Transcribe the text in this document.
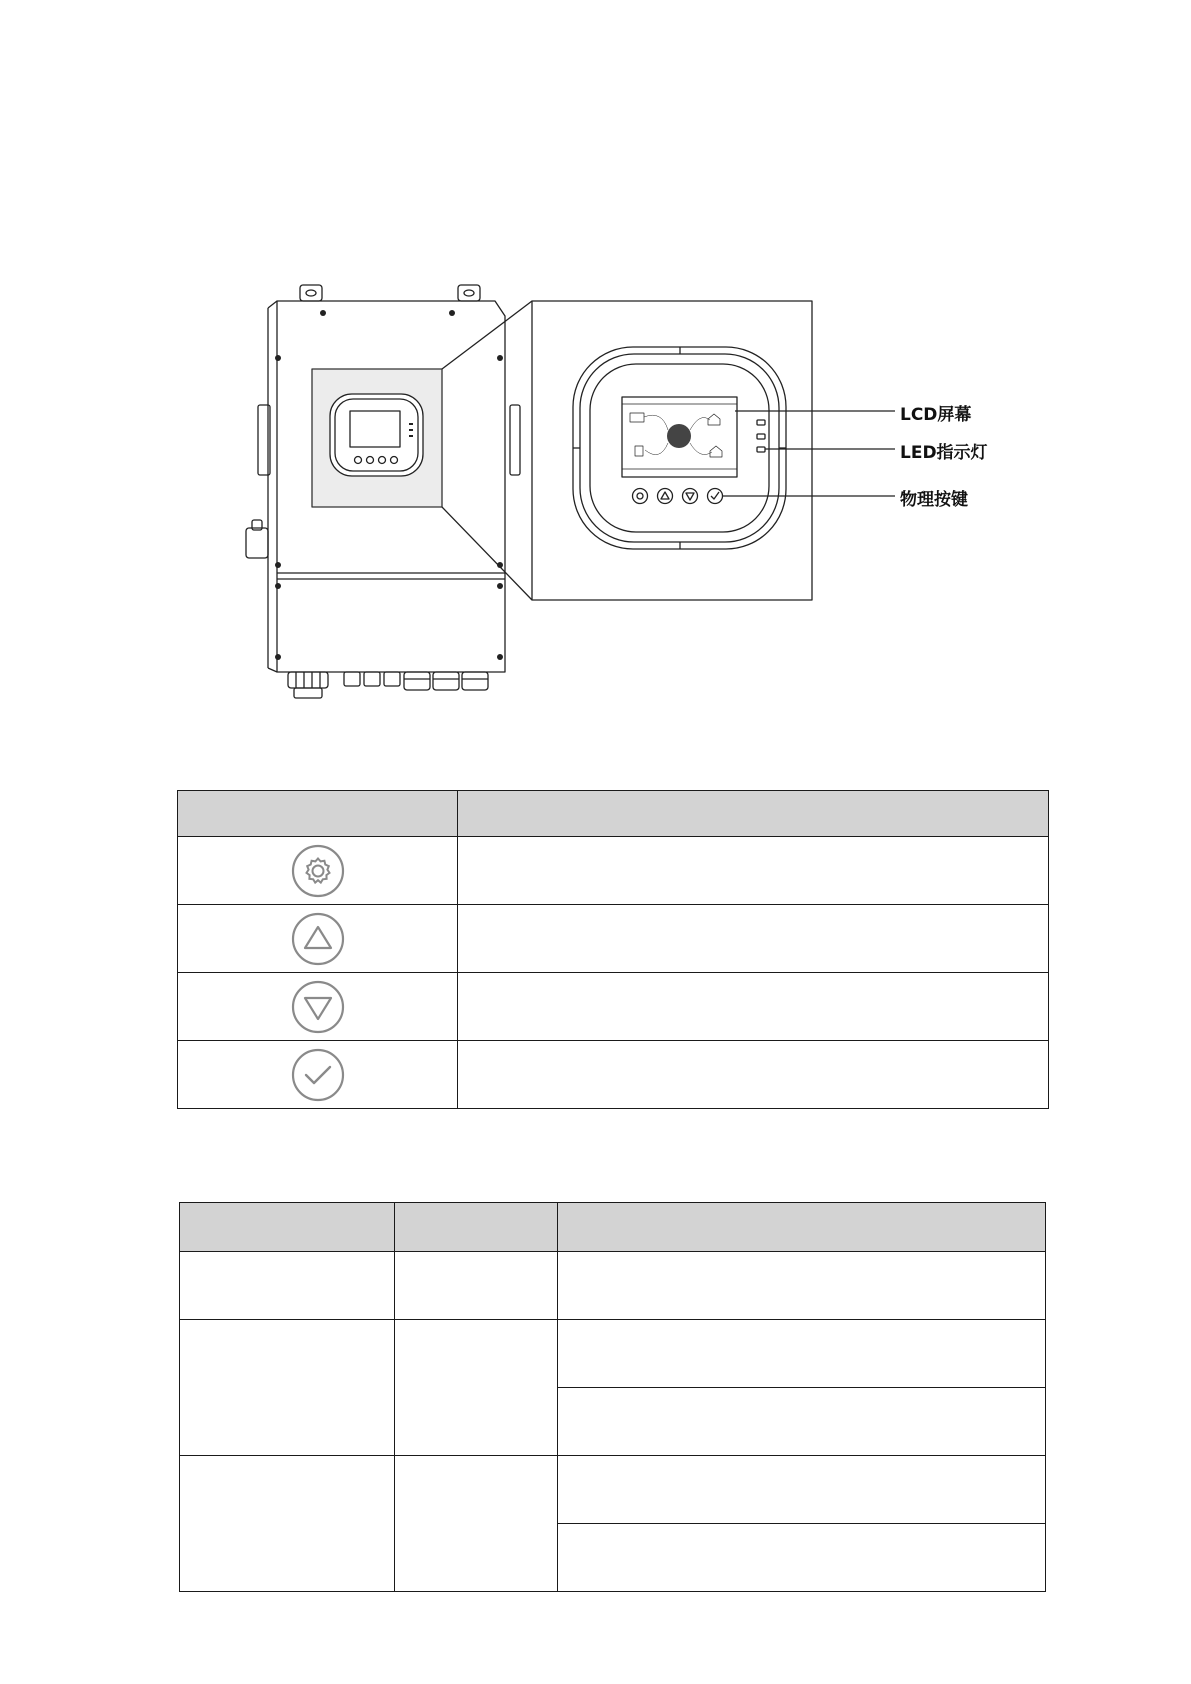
LCD屏幕
LED指示灯
物理按键
